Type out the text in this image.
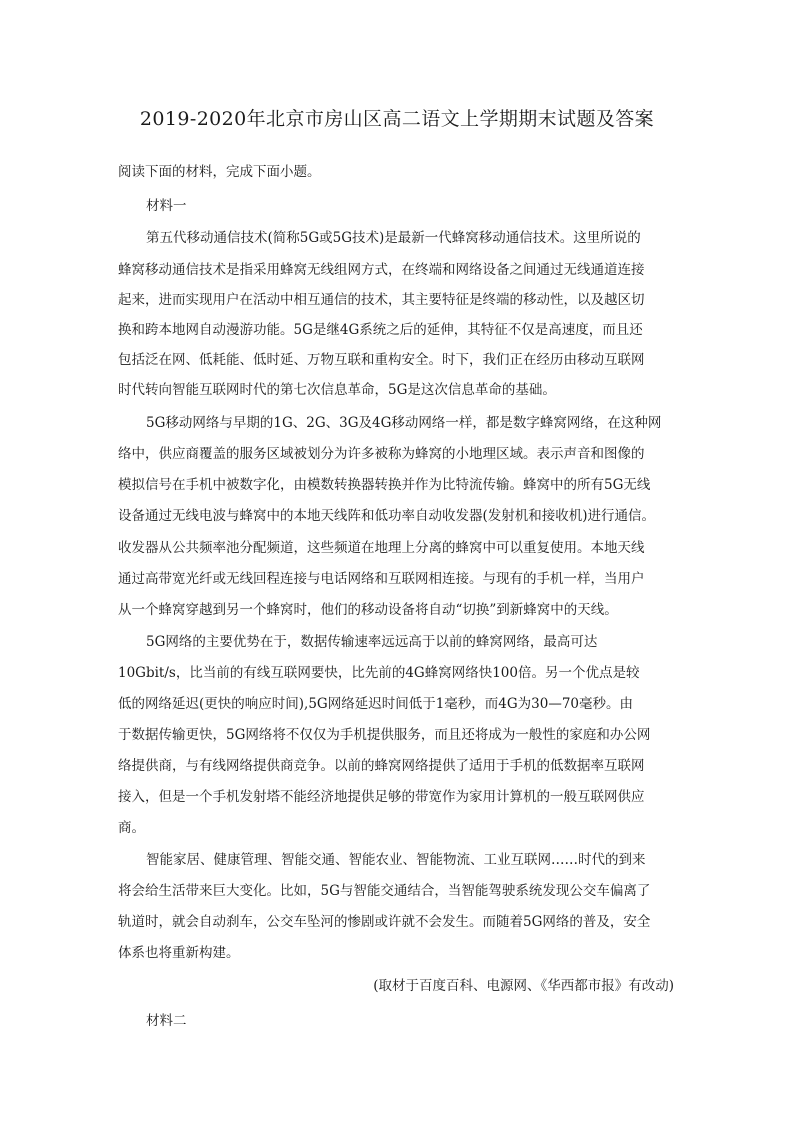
2019-2020年北京市房山区高二语文上学期期末试题及答案
阅读下面的材料，完成下面小题。
材料一
第五代移动通信技术(简称5G或5G技术)是最新一代蜂窝移动通信技术。这里所说的
蜂窝移动通信技术是指采用蜂窝无线组网方式，在终端和网络设备之间通过无线通道连接
起来，进而实现用户在活动中相互通信的技术，其主要特征是终端的移动性，以及越区切
换和跨本地网自动漫游功能。5G是继4G系统之后的延伸，其特征不仅是高速度，而且还
包括泛在网、低耗能、低时延、万物互联和重构安全。时下，我们正在经历由移动互联网
时代转向智能互联网时代的第七次信息革命，5G是这次信息革命的基础。
5G移动网络与早期的1G、2G、3G及4G移动网络一样，都是数字蜂窝网络，在这种网
络中，供应商覆盖的服务区域被划分为许多被称为蜂窝的小地理区域。表示声音和图像的
模拟信号在手机中被数字化，由模数转换器转换并作为比特流传输。蜂窝中的所有5G无线
设备通过无线电波与蜂窝中的本地天线阵和低功率自动收发器(发射机和接收机)进行通信。
收发器从公共频率池分配频道，这些频道在地理上分离的蜂窝中可以重复使用。本地天线
通过高带宽光纤或无线回程连接与电话网络和互联网相连接。与现有的手机一样，当用户
从一个蜂窝穿越到另一个蜂窝时，他们的移动设备将自动“切换”到新蜂窝中的天线。
5G网络的主要优势在于，数据传输速率远远高于以前的蜂窝网络，最高可达
10Gbit/s，比当前的有线互联网要快，比先前的4G蜂窝网络快100倍。另一个优点是较
低的网络延迟(更快的响应时间),5G网络延迟时间低于1毫秒，而4G为30—70毫秒。由
于数据传输更快，5G网络将不仅仅为手机提供服务，而且还将成为一般性的家庭和办公网
络提供商，与有线网络提供商竞争。以前的蜂窝网络提供了适用于手机的低数据率互联网
接入，但是一个手机发射塔不能经济地提供足够的带宽作为家用计算机的一般互联网供应
商。
智能家居、健康管理、智能交通、智能农业、智能物流、工业互联网……时代的到来
将会给生活带来巨大变化。比如，5G与智能交通结合，当智能驾驶系统发现公交车偏离了
轨道时，就会自动刹车，公交车坠河的惨剧或许就不会发生。而随着5G网络的普及，安全
体系也将重新构建。
(取材于百度百科、电源网、《华西都市报》有改动)
材料二
